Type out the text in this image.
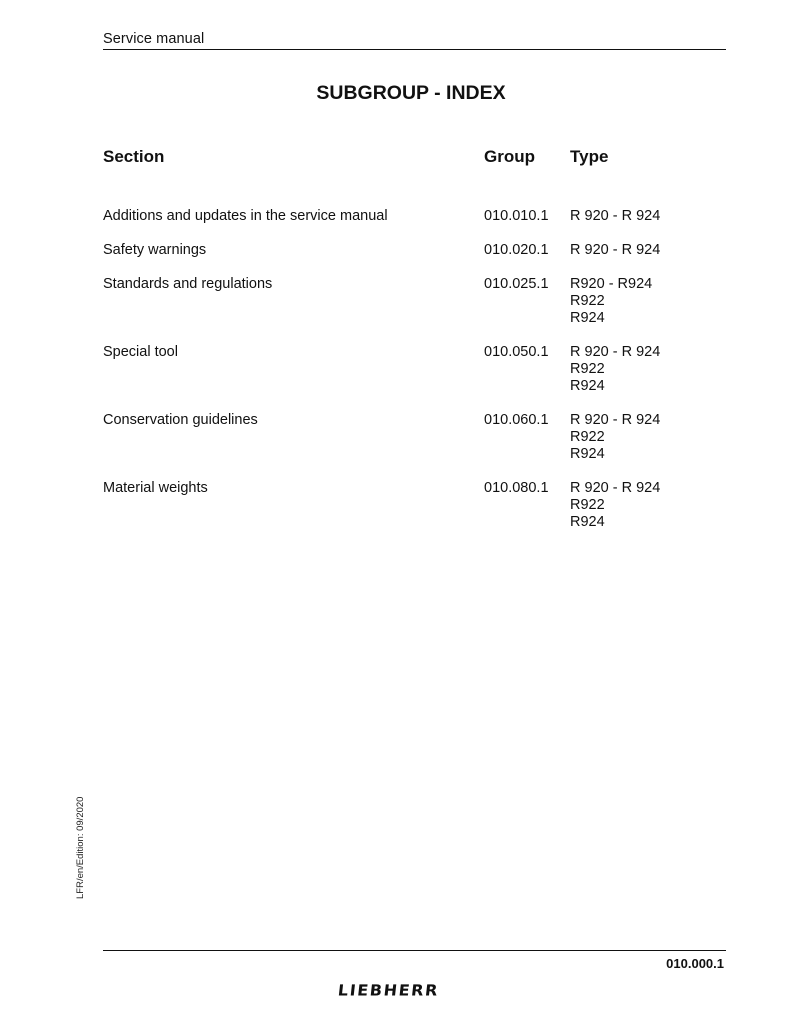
Service manual
SUBGROUP - INDEX
Section	Group Type
Additions and updates in the service manual	010.010.1 R 920 - R 924
Safety warnings	010.020.1 R 920 - R 924
Standards and regulations	010.025.1 R920 - R924
R922
R924
Special tool	010.050.1 R 920 - R 924
R922
R924
Conservation guidelines	010.060.1 R 920 - R 924
R922
R924
Material weights	010.080.1 R 920 - R 924
R922
R924
LFR/en/Edition: 09/2020
010.000.1
LIEBHERR
